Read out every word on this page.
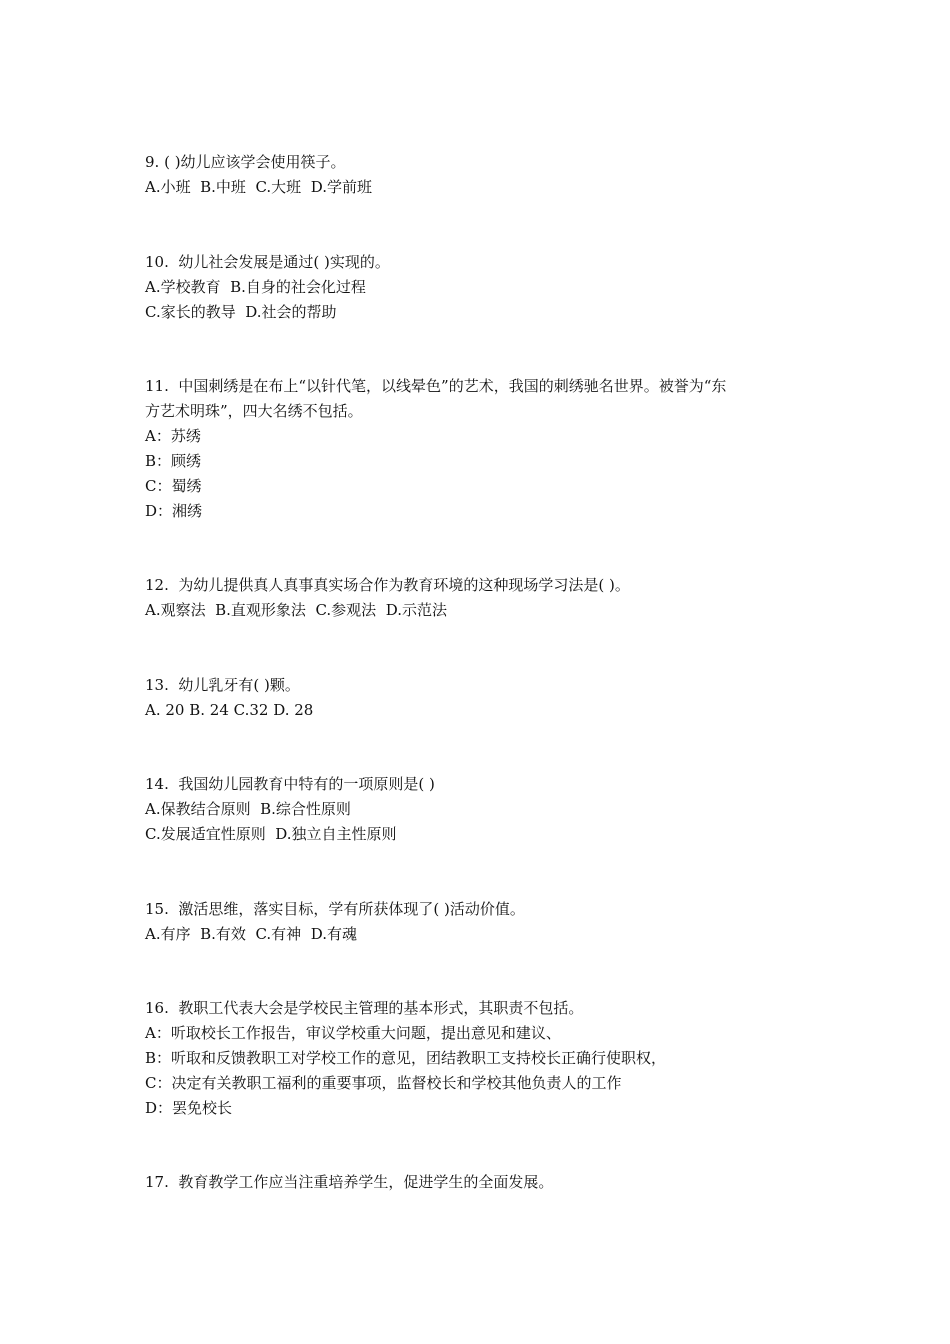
9. ( )幼儿应该学会使用筷子。
A.小班  B.中班  C.大班  D.学前班
10.  幼儿社会发展是通过( )实现的。
A.学校教育  B.自身的社会化过程
C.家长的教导  D.社会的帮助
11.  中国刺绣是在布上“以针代笔，以线晕色”的艺术，我国的刺绣驰名世界。被誉为“东
方艺术明珠”，四大名绣不包括。
A：苏绣
B：顾绣
C：蜀绣
D：湘绣
12.  为幼儿提供真人真事真实场合作为教育环境的这种现场学习法是( )。
A.观察法  B.直观形象法  C.参观法  D.示范法
13.  幼儿乳牙有( )颗。
A. 20 B. 24 C.32 D. 28
14.  我国幼儿园教育中特有的一项原则是( )
A.保教结合原则  B.综合性原则
C.发展适宜性原则  D.独立自主性原则
15.  激活思维，落实目标，学有所获体现了( )活动价值。
A.有序  B.有效  C.有神  D.有魂
16.  教职工代表大会是学校民主管理的基本形式，其职责不包括。
A：听取校长工作报告，审议学校重大问题，提出意见和建议、
B：听取和反馈教职工对学校工作的意见，团结教职工支持校长正确行使职权，
C：决定有关教职工福利的重要事项，监督校长和学校其他负责人的工作
D：罢免校长
17.  教育教学工作应当注重培养学生，促进学生的全面发展。
